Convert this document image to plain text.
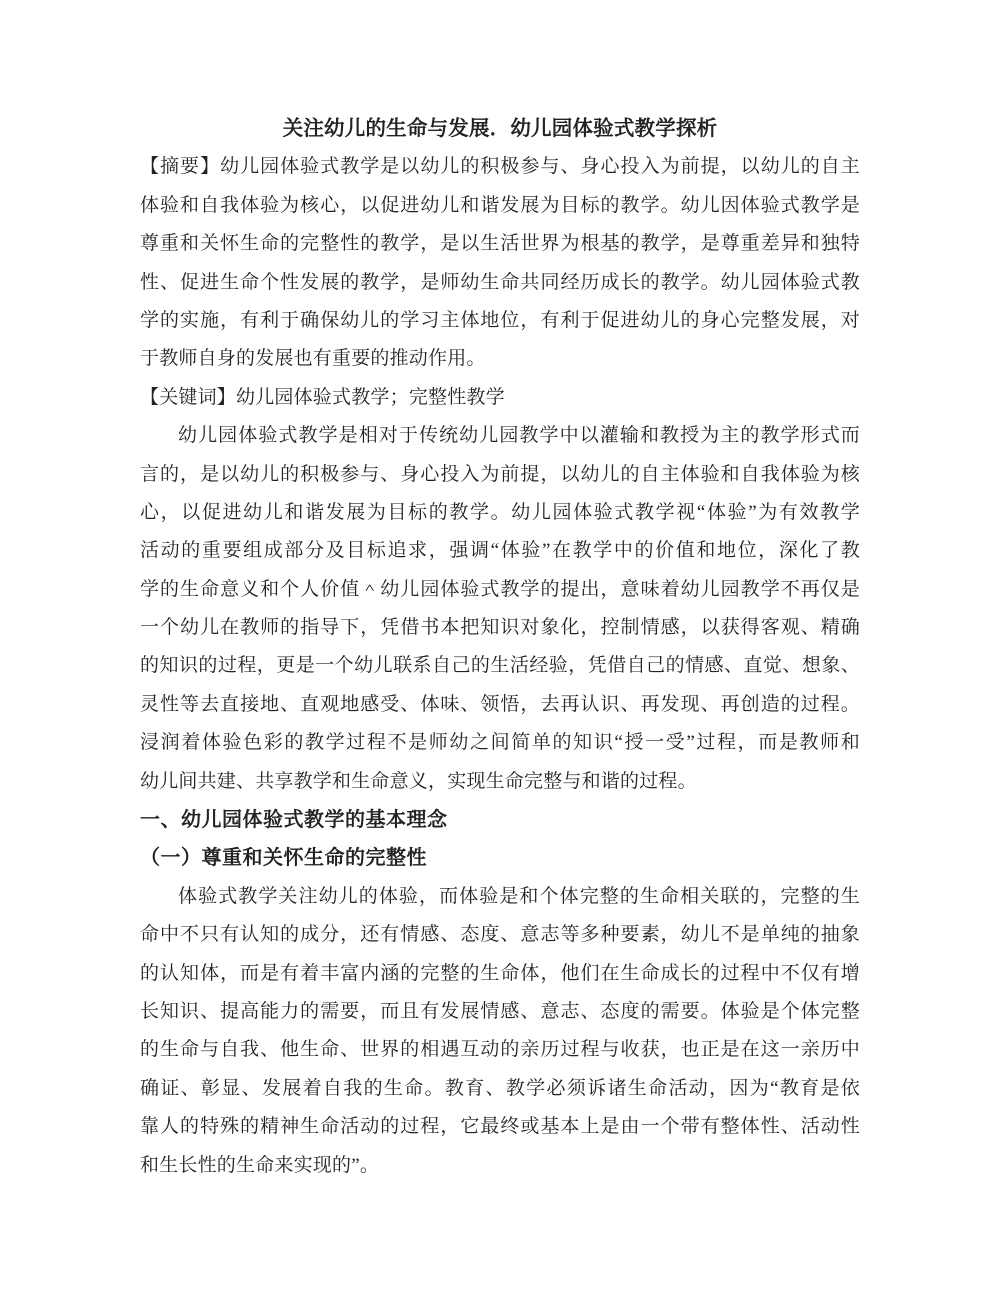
关注幼儿的生命与发展．幼儿园体验式教学探析

【摘要】幼儿园体验式教学是以幼儿的积极参与、身心投入为前提，以幼儿的自主

体验和自我体验为核心，以促进幼儿和谐发展为目标的教学。幼儿因体验式教学是

尊重和关怀生命的完整性的教学，是以生活世界为根基的教学，是尊重差异和独特

性、促进生命个性发展的教学，是师幼生命共同经历成长的教学。幼儿园体验式教

学的实施，有利于确保幼儿的学习主体地位，有利于促进幼儿的身心完整发展，对

于教师自身的发展也有重要的推动作用。

【关键词】幼儿园体验式教学；完整性教学

幼儿园体验式教学是相对于传统幼儿园教学中以灌输和教授为主的教学形式而

言的，是以幼儿的积极参与、身心投入为前提，以幼儿的自主体验和自我体验为核

心，以促进幼儿和谐发展为目标的教学。幼儿园体验式教学视“体验”为有效教学

活动的重要组成部分及目标追求，强调“体验”在教学中的价值和地位，深化了教

学的生命意义和个人价值＾幼儿园体验式教学的提出，意味着幼儿园教学不再仅是

一个幼儿在教师的指导下，凭借书本把知识对象化，控制情感，以获得客观、精确

的知识的过程，更是一个幼儿联系自己的生活经验，凭借自己的情感、直觉、想象、

灵性等去直接地、直观地感受、体味、领悟，去再认识、再发现、再创造的过程。

浸润着体验色彩的教学过程不是师幼之间简单的知识“授一受”过程，而是教师和

幼儿间共建、共享教学和生命意义，实现生命完整与和谐的过程。

一、幼儿园体验式教学的基本理念

（一）尊重和关怀生命的完整性

体验式教学关注幼儿的体验，而体验是和个体完整的生命相关联的，完整的生

命中不只有认知的成分，还有情感、态度、意志等多种要素，幼儿不是单纯的抽象

的认知体，而是有着丰富内涵的完整的生命体，他们在生命成长的过程中不仅有增

长知识、提高能力的需要，而且有发展情感、意志、态度的需要。体验是个体完整

的生命与自我、他生命、世界的相遇互动的亲历过程与收获，也正是在这一亲历中

确证、彰显、发展着自我的生命。教育、教学必须诉诸生命活动，因为“教育是依

靠人的特殊的精神生命活动的过程，它最终或基本上是由一个带有整体性、活动性

和生长性的生命来实现的”。
